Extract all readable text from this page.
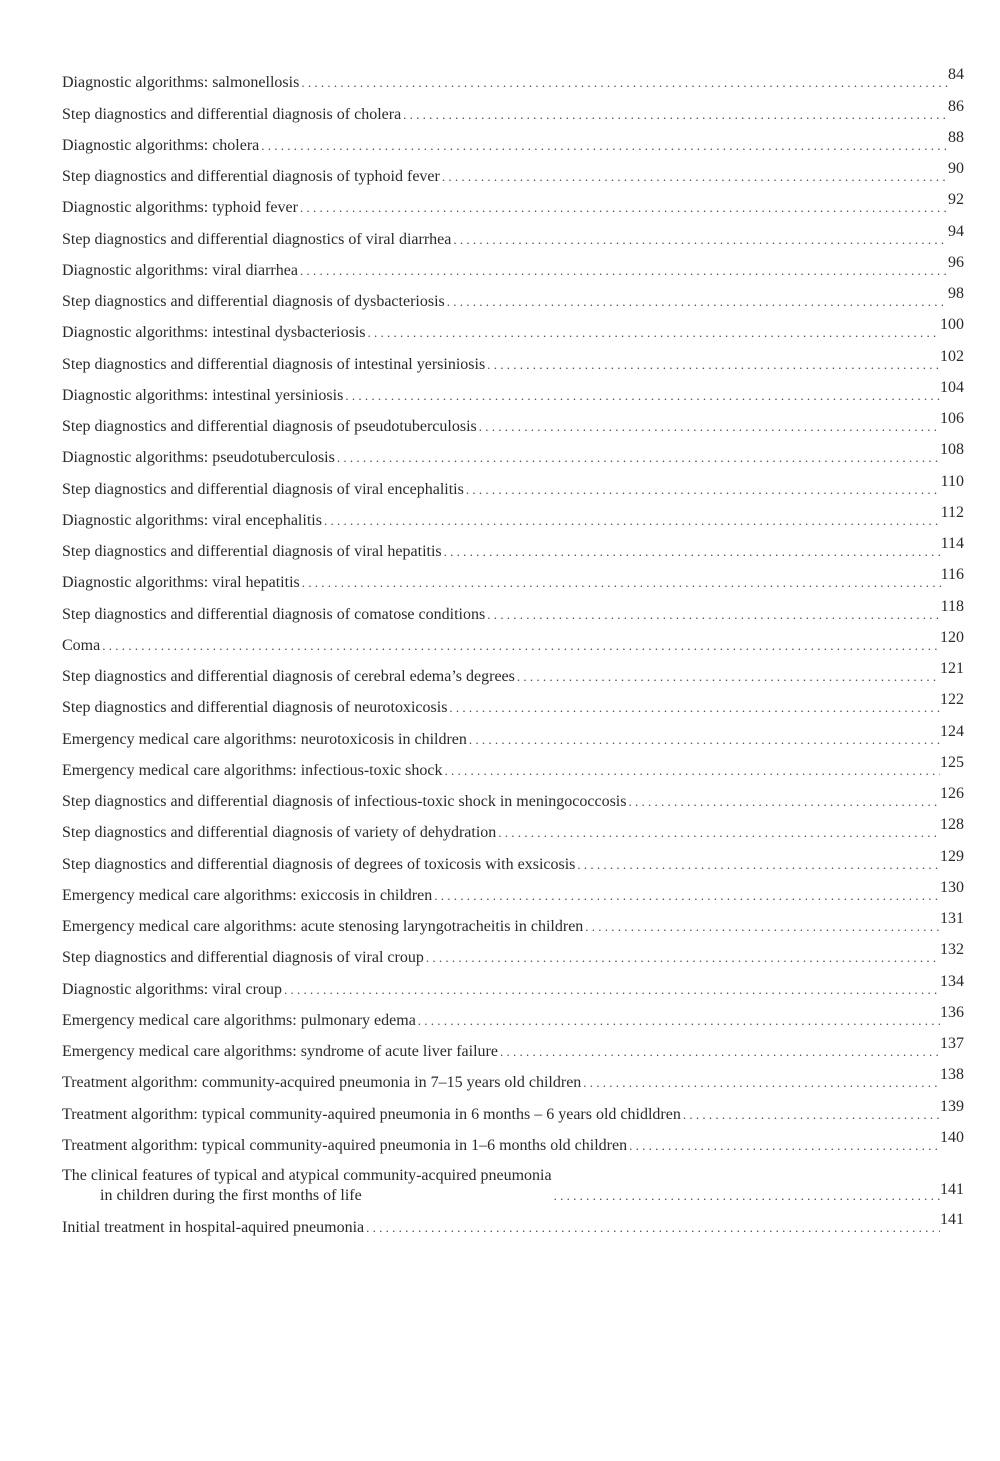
Diagnostic algorithms: salmonellosis . . .	84
Step diagnostics and differential diagnosis of cholera . . .	86
Diagnostic algorithms: cholera . . .	88
Step diagnostics and differential diagnosis of typhoid fever . . .	90
Diagnostic algorithms: typhoid fever . . .	92
Step diagnostics and differential diagnostics of viral diarrhea . . .	94
Diagnostic algorithms: viral diarrhea . . .	96
Step diagnostics and differential diagnosis of dysbacteriosis . . .	98
Diagnostic algorithms: intestinal dysbacteriosis . . .	100
Step diagnostics and differential diagnosis of intestinal yersiniosis . . .	102
Diagnostic algorithms: intestinal yersiniosis . . .	104
Step diagnostics and differential diagnosis of pseudotuberculosis . . .	106
Diagnostic algorithms: pseudotuberculosis . . .	108
Step diagnostics and differential diagnosis of viral encephalitis . . .	110
Diagnostic algorithms: viral encephalitis . . .	112
Step diagnostics and differential diagnosis of viral hepatitis . . .	114
Diagnostic algorithms: viral hepatitis . . .	116
Step diagnostics and differential diagnosis of comatose conditions . . .	118
Coma . . .	120
Step diagnostics and differential diagnosis of cerebral edema’s degrees . . .	121
Step diagnostics and differential diagnosis of neurotoxicosis . . .	122
Emergency medical care algorithms: neurotoxicosis in children . . .	124
Emergency medical care algorithms: infectious-toxic shock . . .	125
Step diagnostics and differential diagnosis of infectious-toxic shock in meningococcosis . . .	126
Step diagnostics and differential diagnosis of variety of dehydration . . .	128
Step diagnostics and differential diagnosis of degrees of toxicosis with exsicosis . . .	129
Emergency medical care algorithms: exiccosis in children . . .	130
Emergency medical care algorithms: acute stenosing laryngotracheitis in children . . .	131
Step diagnostics and differential diagnosis of viral croup . . .	132
Diagnostic algorithms: viral croup . . .	134
Emergency medical care algorithms: pulmonary edema . . .	136
Emergency medical care algorithms: syndrome of acute liver failure . . .	137
Treatment algorithm: community-acquired pneumonia in 7–15 years old children . . .	138
Treatment algorithm: typical community-aquired pneumonia in 6 months – 6 years old chidldren . . .	139
Treatment algorithm: typical community-aquired pneumonia in 1–6 months old children . . .	140
The clinical features of typical and atypical community-acquired pneumonia
in children during the first months of life . . .	141
Initial treatment in hospital-aquired pneumonia . . .	141
